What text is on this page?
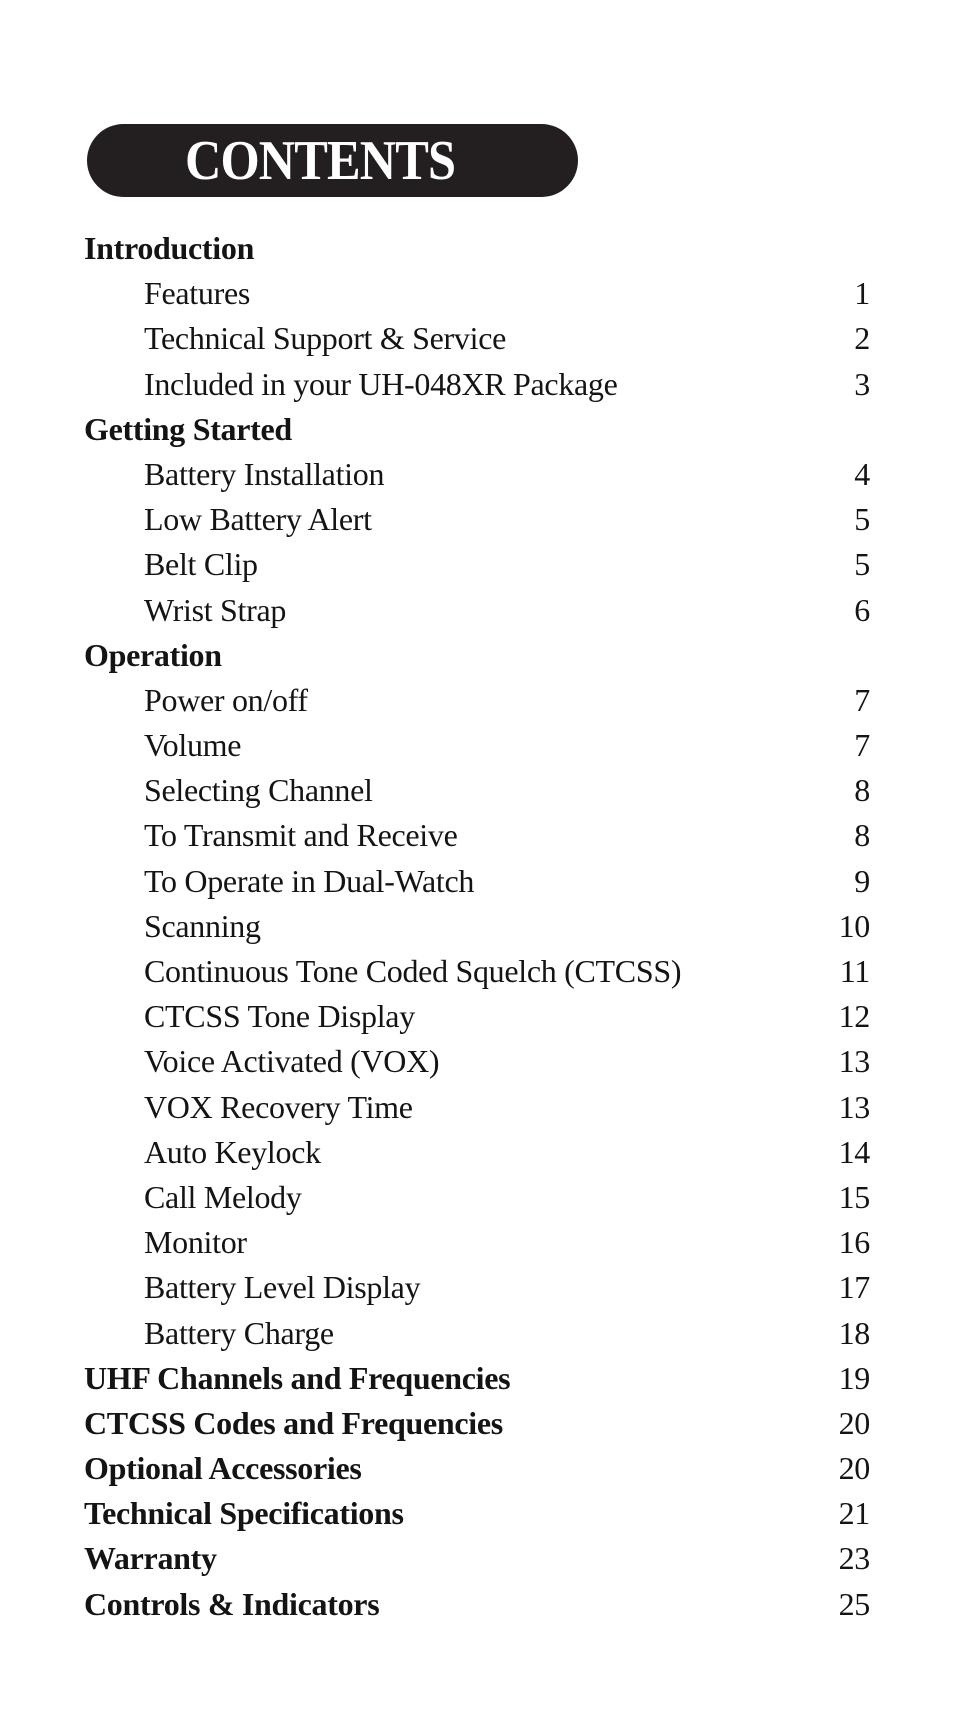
CONTENTS
Introduction
Features	1
Technical Support & Service	2
Included in your UH-048XR Package	3
Getting Started
Battery Installation	4
Low Battery Alert	5
Belt Clip	5
Wrist Strap	6
Operation
Power on/off	7
Volume	7
Selecting Channel	8
To Transmit and Receive	8
To Operate in Dual-Watch	9
Scanning	10
Continuous Tone Coded Squelch (CTCSS)	11
CTCSS Tone Display	12
Voice Activated (VOX)	13
VOX Recovery Time	13
Auto Keylock	14
Call Melody	15
Monitor	16
Battery Level Display	17
Battery Charge	18
UHF Channels and Frequencies	19
CTCSS Codes and Frequencies	20
Optional Accessories	20
Technical Specifications	21
Warranty	23
Controls & Indicators	25
